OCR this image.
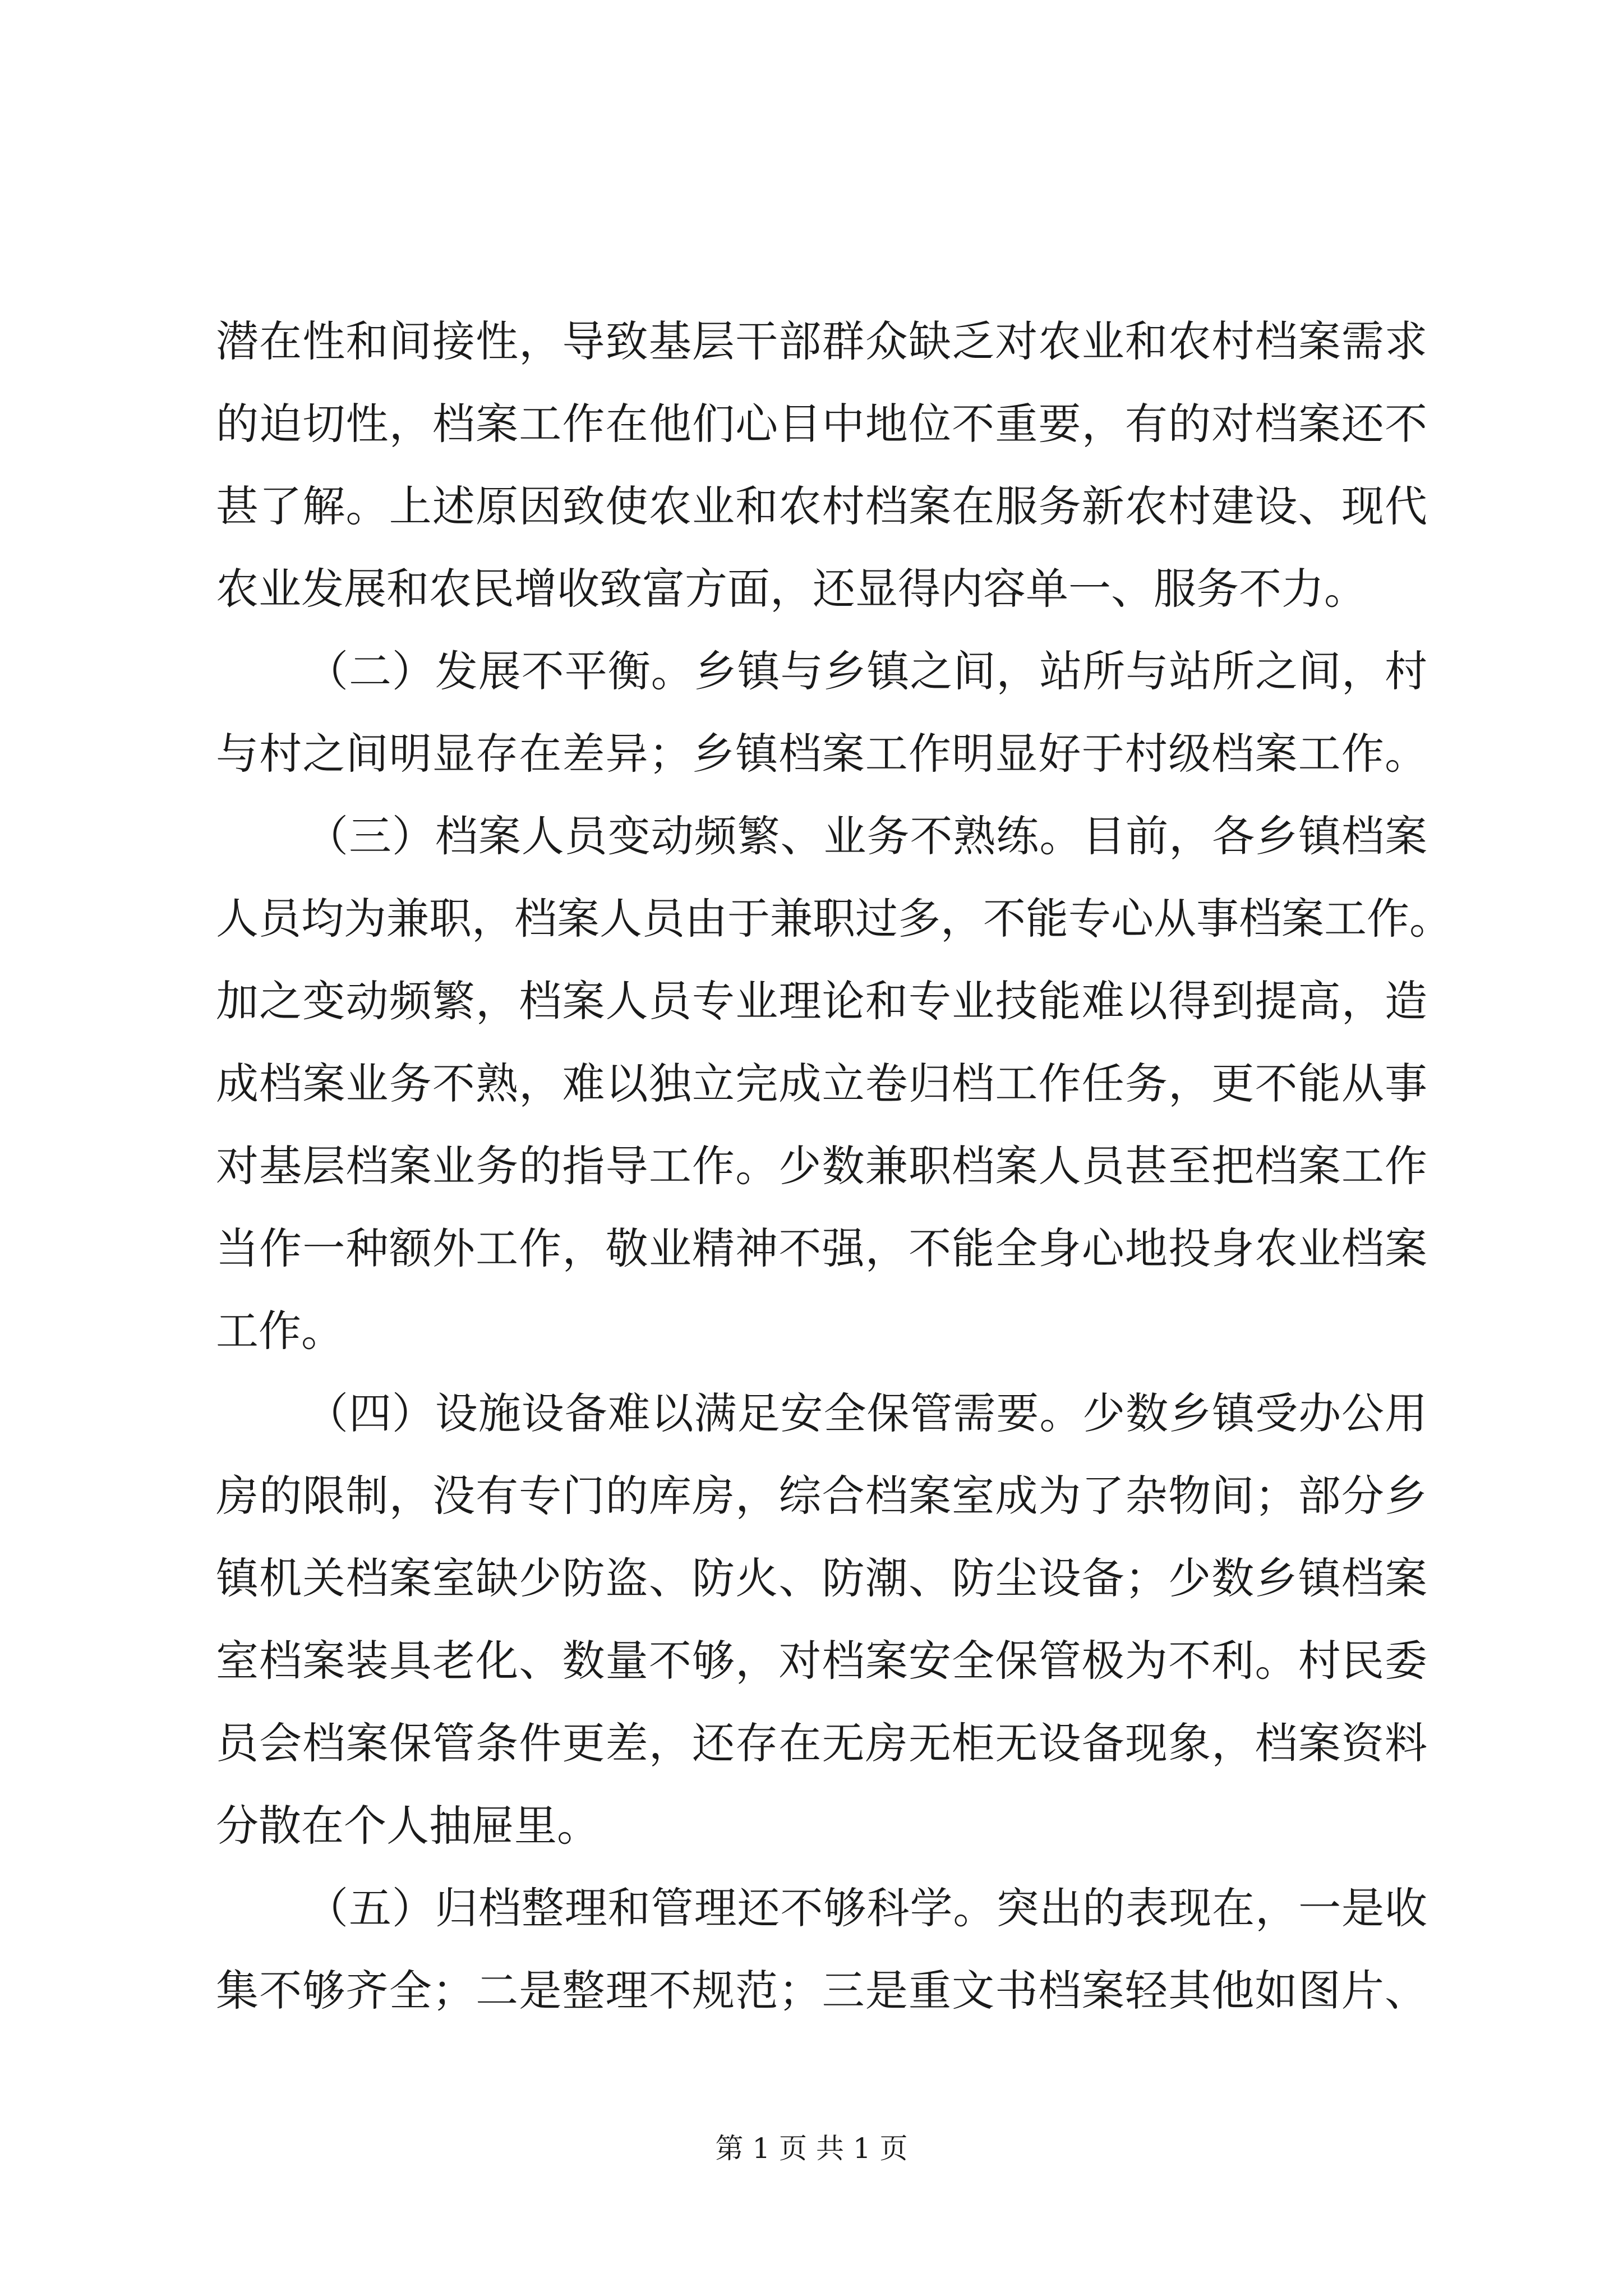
潜在性和间接性，导致基层干部群众缺乏对农业和农村档案需求
的迫切性，档案工作在他们心目中地位不重要，有的对档案还不
甚了解。上述原因致使农业和农村档案在服务新农村建设、现代
农业发展和农民增收致富方面，还显得内容单一、服务不力。
（二）发展不平衡。乡镇与乡镇之间，站所与站所之间，村
与村之间明显存在差异；乡镇档案工作明显好于村级档案工作。
（三）档案人员变动频繁、业务不熟练。目前，各乡镇档案
人员均为兼职，档案人员由于兼职过多，不能专心从事档案工作。
加之变动频繁，档案人员专业理论和专业技能难以得到提高，造
成档案业务不熟，难以独立完成立卷归档工作任务，更不能从事
对基层档案业务的指导工作。少数兼职档案人员甚至把档案工作
当作一种额外工作，敬业精神不强，不能全身心地投身农业档案
工作。
（四）设施设备难以满足安全保管需要。少数乡镇受办公用
房的限制，没有专门的库房，综合档案室成为了杂物间；部分乡
镇机关档案室缺少防盗、防火、防潮、防尘设备；少数乡镇档案
室档案装具老化、数量不够，对档案安全保管极为不利。村民委
员会档案保管条件更差，还存在无房无柜无设备现象，档案资料
分散在个人抽屉里。
（五）归档整理和管理还不够科学。突出的表现在，一是收
集不够齐全；二是整理不规范；三是重文书档案轻其他如图片、
第 1 页 共 1 页
